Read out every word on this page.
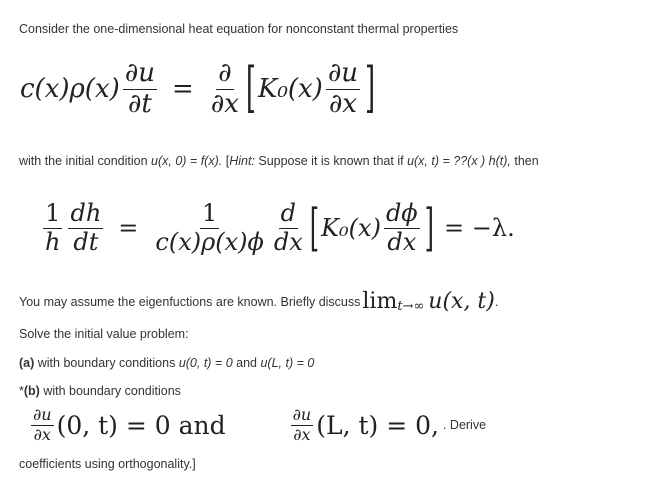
Consider the one-dimensional heat equation for nonconstant thermal properties
$c(x)\rho(x) \frac{\partial u}{\partial t} = \frac{\partial}{\partial x}$ [ $K_0(x) \frac{\partial u}{\partial x}$ ]
with the initial condition u(x, 0) = f(x). [Hint: Suppose it is known that if u(x, t) = ??(x ) h(t), then
$\frac{1}{h} \frac{dh}{dt} = \frac{1}{c(x)\rho(x)\phi} \frac{d}{dx}$ [ $K_0(x) \frac{d\phi}{dx}$ ] = −λ.
You may assume the eigenfuctions are known. Briefly discuss lim t→∞ u(x, t) .
Solve the initial value problem:
(a) with boundary conditions u(0, t) = 0 and u(L, t) = 0
*(b) with boundary conditions
$\frac{\partial u}{\partial x} (0$, t) = 0 and	$\frac{\partial u}{\partial x} (L$, t) = 0, . Derive
coefficients using orthogonality.]
